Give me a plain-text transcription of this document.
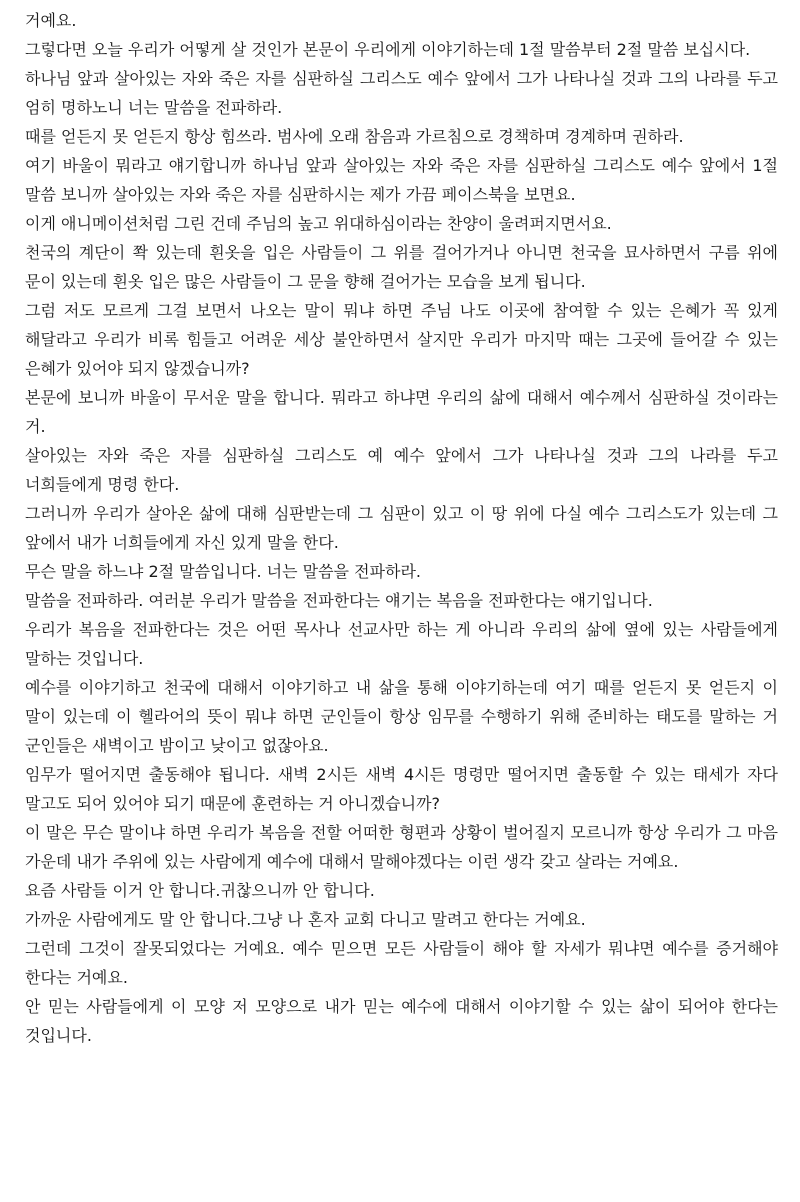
거예요.

그렇다면 오늘 우리가 어떻게 살 것인가 본문이 우리에게 이야기하는데 1절 말씀부터 2절 말씀 보십시다.

하나님 앞과 살아있는 자와 죽은 자를 심판하실 그리스도 예수 앞에서 그가 나타나실 것과 그의 나라를 두고 엄히 명하노니 너는 말씀을 전파하라.

때를 얻든지 못 얻든지 항상 힘쓰라. 범사에 오래 참음과 가르침으로 경책하며 경계하며 권하라.

여기 바울이 뭐라고 얘기합니까 하나님 앞과 살아있는 자와 죽은 자를 심판하실 그리스도 예수 앞에서 1절 말씀 보니까 살아있는 자와 죽은 자를 심판하시는 제가 가끔 페이스북을 보면요.

이게 애니메이션처럼 그린 건데 주님의 높고 위대하심이라는 찬양이 울려퍼지면서요.

천국의 계단이 쫙 있는데 흰옷을 입은 사람들이 그 위를 걸어가거나 아니면 천국을 묘사하면서 구름 위에 문이 있는데 흰옷 입은 많은 사람들이 그 문을 향해 걸어가는 모습을 보게 됩니다.

그럼 저도 모르게 그걸 보면서 나오는 말이 뭐냐 하면 주님 나도 이곳에 참여할 수 있는 은혜가 꼭 있게 해달라고 우리가 비록 힘들고 어려운 세상 불안하면서 살지만 우리가 마지막 때는 그곳에 들어갈 수 있는 은혜가 있어야 되지 않겠습니까?

본문에 보니까 바울이 무서운 말을 합니다. 뭐라고 하냐면 우리의 삶에 대해서 예수께서 심판하실 것이라는 거.

살아있는 자와 죽은 자를 심판하실 그리스도 예 예수 앞에서 그가 나타나실 것과 그의 나라를 두고 너희들에게 명령 한다.

그러니까 우리가 살아온 삶에 대해 심판받는데 그 심판이 있고 이 땅 위에 다실 예수 그리스도가 있는데 그 앞에서 내가 너희들에게 자신 있게 말을 한다.

무슨 말을 하느냐 2절 말씀입니다. 너는 말씀을 전파하라.

말씀을 전파하라. 여러분 우리가 말씀을 전파한다는 얘기는 복음을 전파한다는 얘기입니다.

우리가 복음을 전파한다는 것은 어떤 목사나 선교사만 하는 게 아니라 우리의 삶에 옆에 있는 사람들에게 말하는 것입니다.

예수를 이야기하고 천국에 대해서 이야기하고 내 삶을 통해 이야기하는데 여기 때를 얻든지 못 얻든지 이 말이 있는데 이 헬라어의 뜻이 뭐냐 하면 군인들이 항상 임무를 수행하기 위해 준비하는 태도를 말하는 거 군인들은 새벽이고 밤이고 낮이고 없잖아요.

임무가 떨어지면 출동해야 됩니다. 새벽 2시든 새벽 4시든 명령만 떨어지면 출동할 수 있는 태세가 자다 말고도 되어 있어야 되기 때문에 훈련하는 거 아니겠습니까?

이 말은 무슨 말이냐 하면 우리가 복음을 전할 어떠한 형편과 상황이 벌어질지 모르니까 항상 우리가 그 마음 가운데 내가 주위에 있는 사람에게 예수에 대해서 말해야겠다는 이런 생각 갖고 살라는 거예요.

요즘 사람들 이거 안 합니다.귀찮으니까 안 합니다.

가까운 사람에게도 말 안 합니다.그냥 나 혼자 교회 다니고 말려고 한다는 거예요.

그런데 그것이 잘못되었다는 거예요. 예수 믿으면 모든 사람들이 해야 할 자세가 뭐냐면 예수를 증거해야 한다는 거예요.

안 믿는 사람들에게 이 모양 저 모양으로 내가 믿는 예수에 대해서 이야기할 수 있는 삶이 되어야 한다는 것입니다.
